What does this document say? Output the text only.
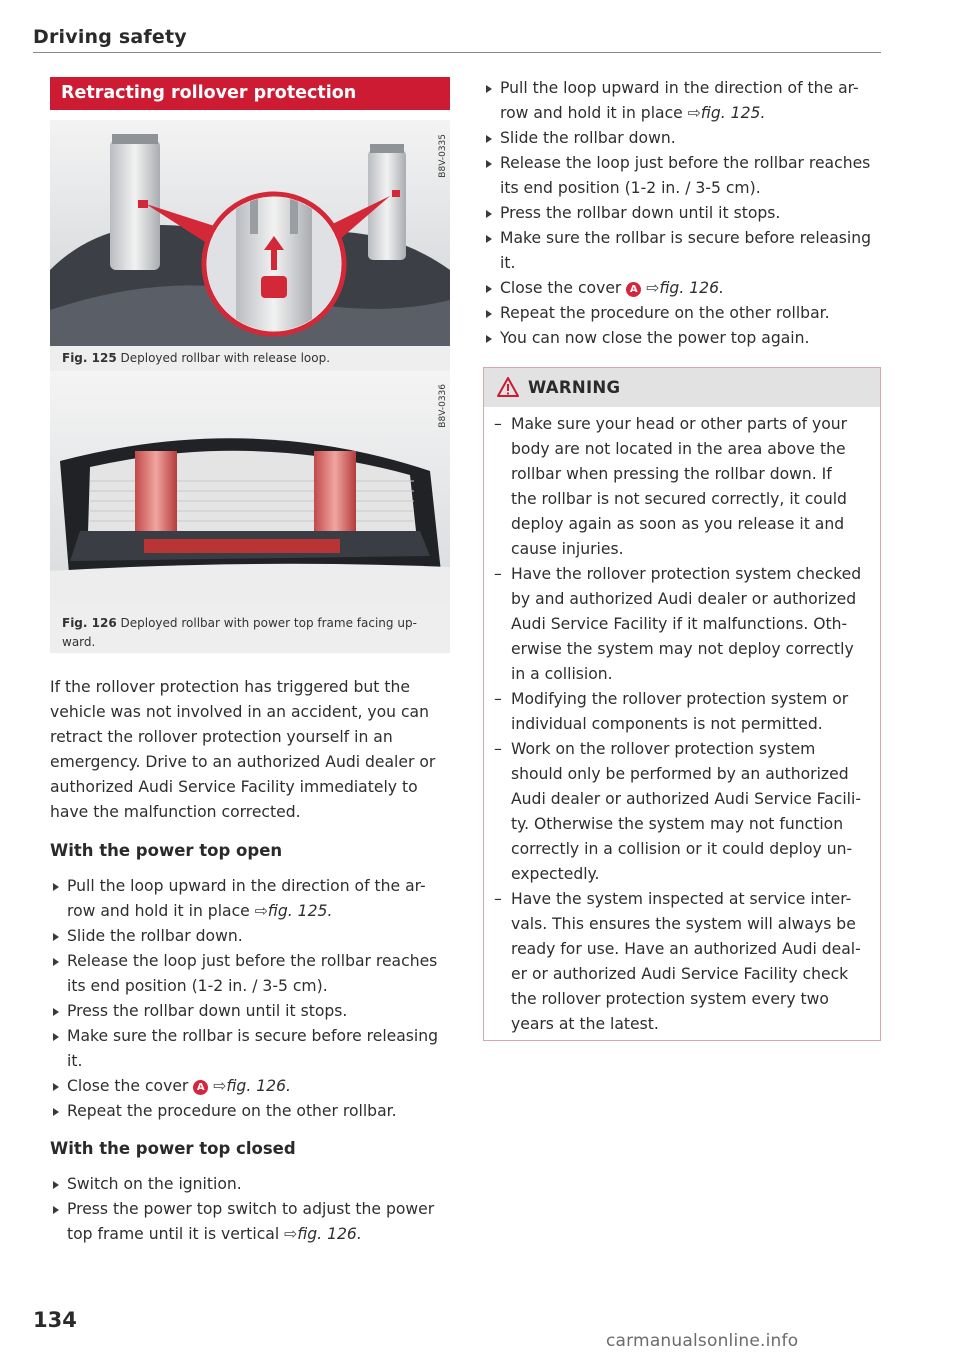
Driving safety
Retracting rollover protection
B8V-0335
Fig. 125 Deployed rollbar with release loop.
B8V-0336
Fig. 126 Deployed rollbar with power top frame facing up-
ward.
If the rollover protection has triggered but the
vehicle was not involved in an accident, you can
retract the rollover protection yourself in an
emergency. Drive to an authorized Audi dealer or
authorized Audi Service Facility immediately to
have the malfunction corrected.
With the power top open
Pull the loop upward in the direction of the ar-
row and hold it in place ⇨fig. 125.
Slide the rollbar down.
Release the loop just before the rollbar reaches
its end position (1-2 in. / 3-5 cm).
Press the rollbar down until it stops.
Make sure the rollbar is secure before releasing
it.
Close the cover A ⇨fig. 126.
Repeat the procedure on the other rollbar.
With the power top closed
Switch on the ignition.
Press the power top switch to adjust the power
top frame until it is vertical ⇨fig. 126.
Pull the loop upward in the direction of the ar-
row and hold it in place ⇨fig. 125.
Slide the rollbar down.
Release the loop just before the rollbar reaches
its end position (1-2 in. / 3-5 cm).
Press the rollbar down until it stops.
Make sure the rollbar is secure before releasing
it.
Close the cover A ⇨fig. 126.
Repeat the procedure on the other rollbar.
You can now close the power top again.
WARNING
– Make sure your head or other parts of your
body are not located in the area above the
rollbar when pressing the rollbar down. If
the rollbar is not secured correctly, it could
deploy again as soon as you release it and
cause injuries.
– Have the rollover protection system checked
by and authorized Audi dealer or authorized
Audi Service Facility if it malfunctions. Oth-
erwise the system may not deploy correctly
in a collision.
– Modifying the rollover protection system or
individual components is not permitted.
– Work on the rollover protection system
should only be performed by an authorized
Audi dealer or authorized Audi Service Facili-
ty. Otherwise the system may not function
correctly in a collision or it could deploy un-
expectedly.
– Have the system inspected at service inter-
vals. This ensures the system will always be
ready for use. Have an authorized Audi deal-
er or authorized Audi Service Facility check
the rollover protection system every two
years at the latest.
134
carmanualsonline.info
